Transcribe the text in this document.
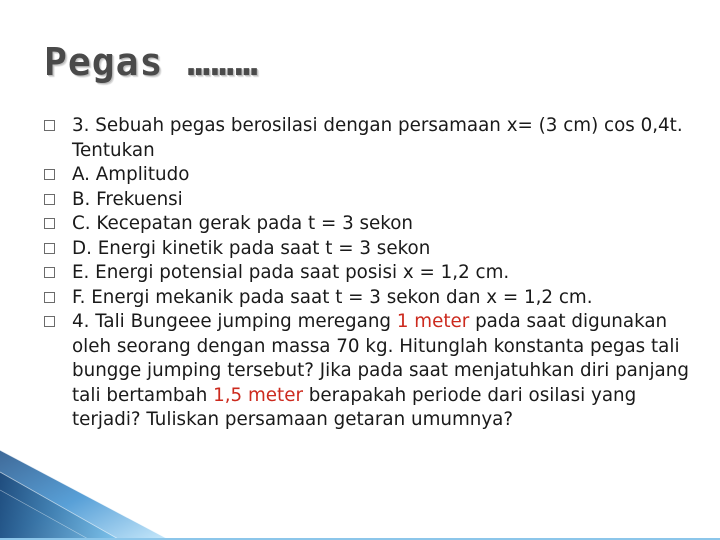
Pegas ………
3. Sebuah pegas berosilasi dengan persamaan x= (3 cm) cos 0,4t. Tentukan
A. Amplitudo
B. Frekuensi
C. Kecepatan gerak pada t = 3 sekon
D. Energi kinetik pada saat t = 3 sekon
E. Energi potensial pada saat posisi x = 1,2 cm.
F. Energi mekanik pada saat t = 3 sekon dan x = 1,2 cm.
4. Tali Bungeee jumping meregang 1 meter pada saat digunakan oleh seorang dengan massa 70 kg. Hitunglah konstanta pegas tali bungge jumping tersebut? Jika pada saat menjatuhkan diri panjang tali bertambah 1,5 meter berapakah periode dari osilasi yang terjadi? Tuliskan persamaan getaran umumnya?
